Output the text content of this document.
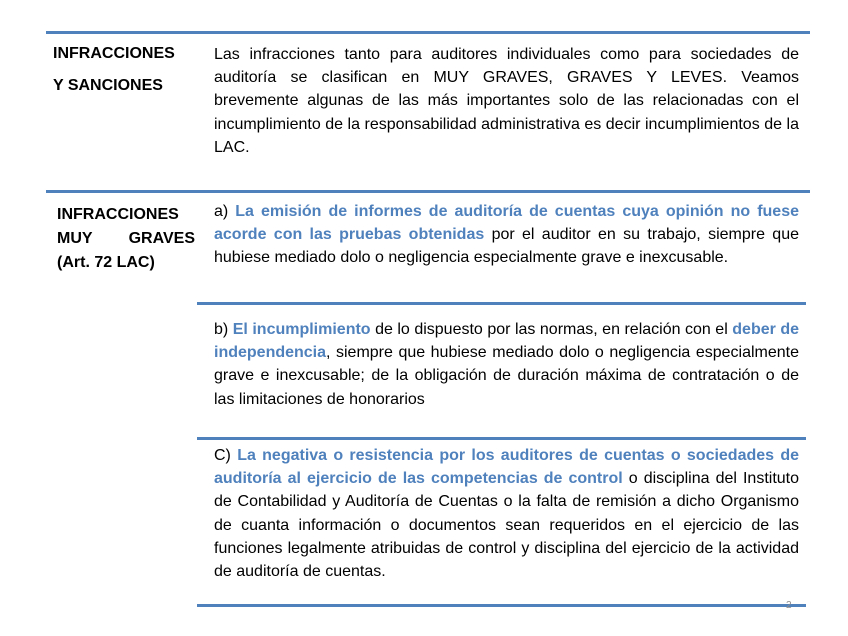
INFRACCIONES
Y SANCIONES
Las infracciones tanto para auditores individuales como para sociedades de auditoría se clasifican en MUY GRAVES, GRAVES Y LEVES. Veamos brevemente algunas de las más importantes solo de las relacionadas con el incumplimiento de la responsabilidad administrativa es decir incumplimientos de la LAC.
INFRACCIONES
MUY GRAVES
(Art. 72 LAC)
a) La emisión de informes de auditoría de cuentas cuya opinión no fuese acorde con las pruebas obtenidas por el auditor en su trabajo, siempre que hubiese mediado dolo o negligencia especialmente grave e inexcusable.
b) El incumplimiento de lo dispuesto por las normas, en relación con el deber de independencia, siempre que hubiese mediado dolo o negligencia especialmente grave e inexcusable; de la obligación de duración máxima de contratación o de las limitaciones de honorarios
C) La negativa o resistencia por los auditores de cuentas o sociedades de auditoría al ejercicio de las competencias de control o disciplina del Instituto de Contabilidad y Auditoría de Cuentas o la falta de remisión a dicho Organismo de cuanta información o documentos sean requeridos en el ejercicio de las funciones legalmente atribuidas de control y disciplina del ejercicio de la actividad de auditoría de cuentas.
2
